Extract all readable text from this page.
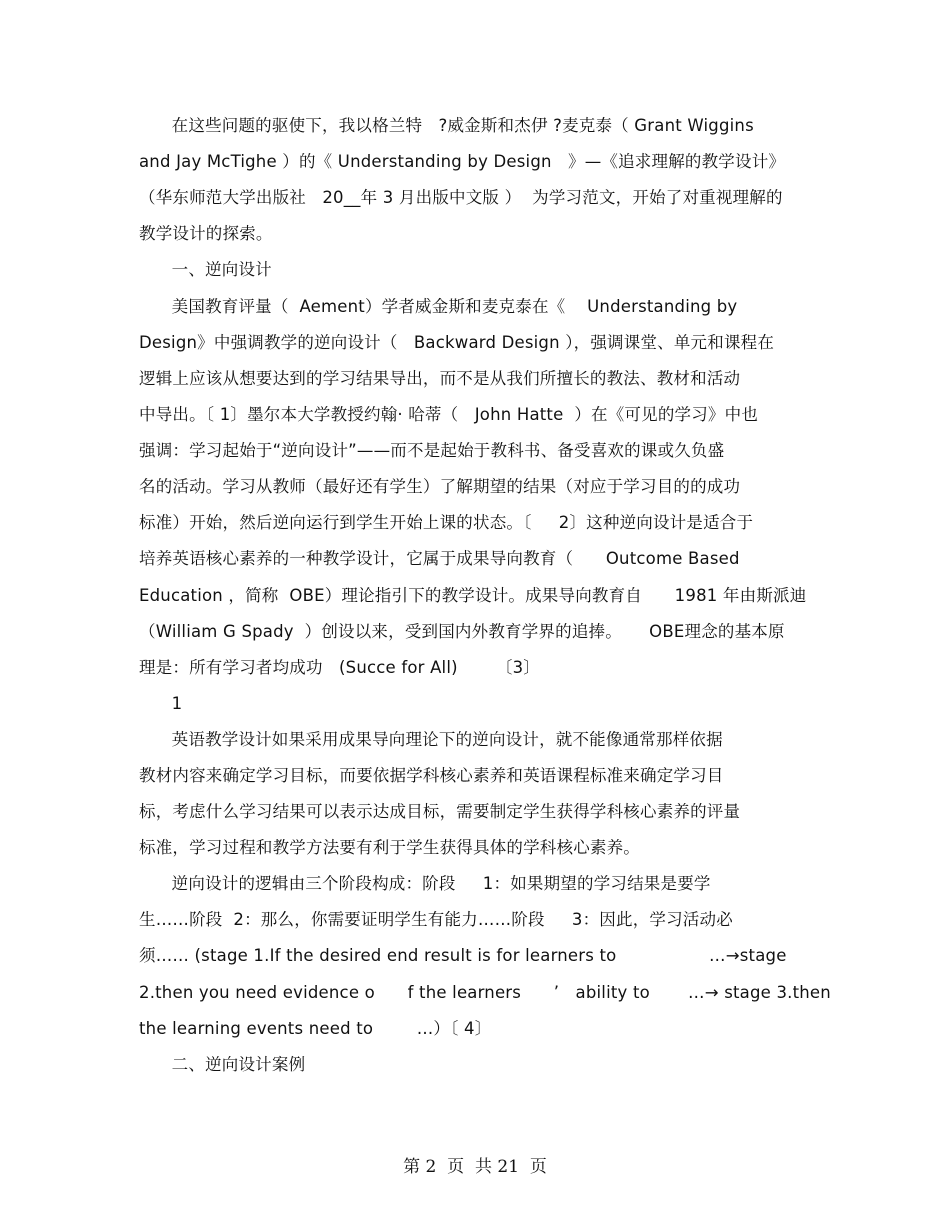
在这些问题的驱使下，我以格兰特   ?威金斯和杰伊 ?麦克泰（ Grant Wiggins
and Jay McTighe ）的《 Understanding by Design   》—《追求理解的教学设计》
（华东师范大学出版社   20__年 3 月出版中文版 ）  为学习范文，开始了对重视理解的
教学设计的探索。
一、逆向设计
美国教育评量（  Aement）学者威金斯和麦克泰在《    Understanding by
Design》中强调教学的逆向设计（   Backward Design ），强调课堂、单元和课程在
逻辑上应该从想要达到的学习结果导出，而不是从我们所擅长的教法、教材和活动
中导出。〔 1〕墨尔本大学教授约翰· 哈蒂（   John Hatte  ）在《可见的学习》中也
强调：学习起始于“逆向设计”——而不是起始于教科书、备受喜欢的课或久负盛
名的活动。学习从教师（最好还有学生）了解期望的结果（对应于学习目的的成功
标准）开始，然后逆向运行到学生开始上课的状态。〔     2〕这种逆向设计是适合于
培养英语核心素养的一种教学设计，它属于成果导向教育（      Outcome Based
Education ，简称  OBE）理论指引下的教学设计。成果导向教育自      1981 年由斯派迪
（William G Spady  ）创设以来，受到国内外教育学界的追捧。     OBE理念的基本原
理是：所有学习者均成功   (Succe for All)       〔3〕
1
英语教学设计如果采用成果导向理论下的逆向设计，就不能像通常那样依据
教材内容来确定学习目标，而要依据学科核心素养和英语课程标准来确定学习目
标，考虑什么学习结果可以表示达成目标，需要制定学生获得学科核心素养的评量
标准，学习过程和教学方法要有利于学生获得具体的学科核心素养。
逆向设计的逻辑由三个阶段构成：阶段     1：如果期望的学习结果是要学
生……阶段  2：那么，你需要证明学生有能力……阶段     3：因此，学习活动必
须…… (stage 1.If the desired end result is for learners to                 …→stage
2.then you need evidence o      f the learners      ’   ability to       …→ stage 3.then
the learning events need to        …）〔 4〕
二、逆向设计案例
第 2  页  共 21  页
